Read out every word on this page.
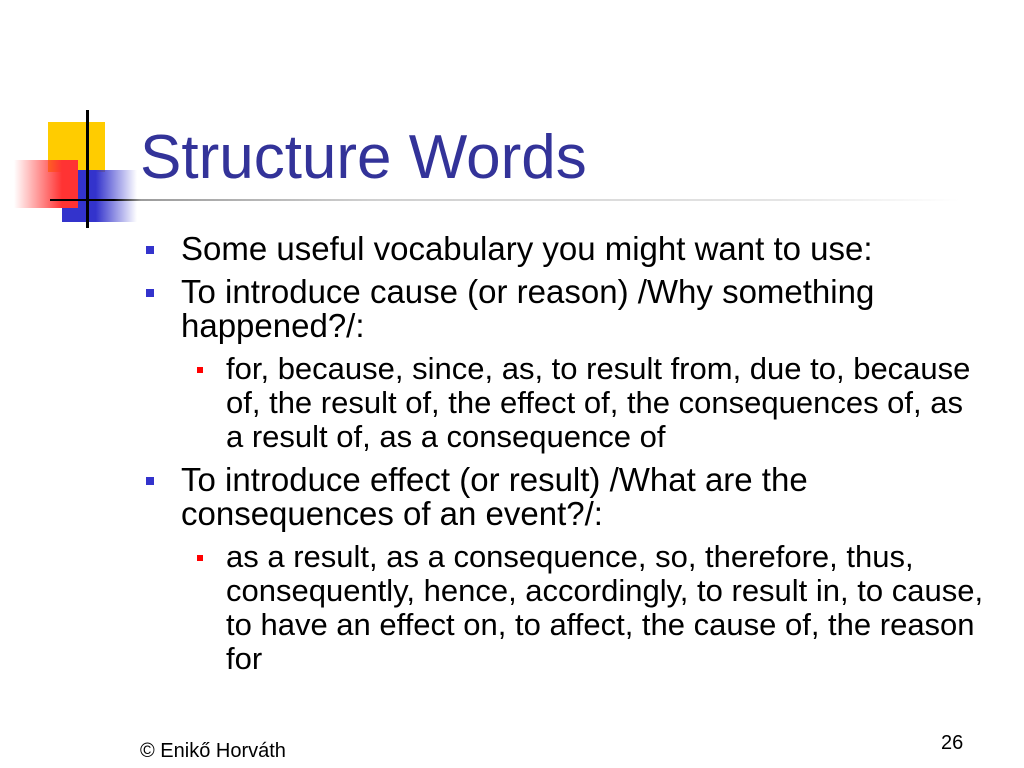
Structure Words
Some useful vocabulary you might want to use:
To introduce cause (or reason) /Why something
happened?/:
for, because, since, as, to result from, due to, because
of, the result of, the effect of, the consequences of, as
a result of, as a consequence of
To introduce effect (or result) /What are the
consequences of an event?/:
as a result, as a consequence, so, therefore, thus,
consequently, hence, accordingly, to result in, to cause,
to have an effect on, to affect, the cause of, the reason
for
© Enikő Horváth	26
